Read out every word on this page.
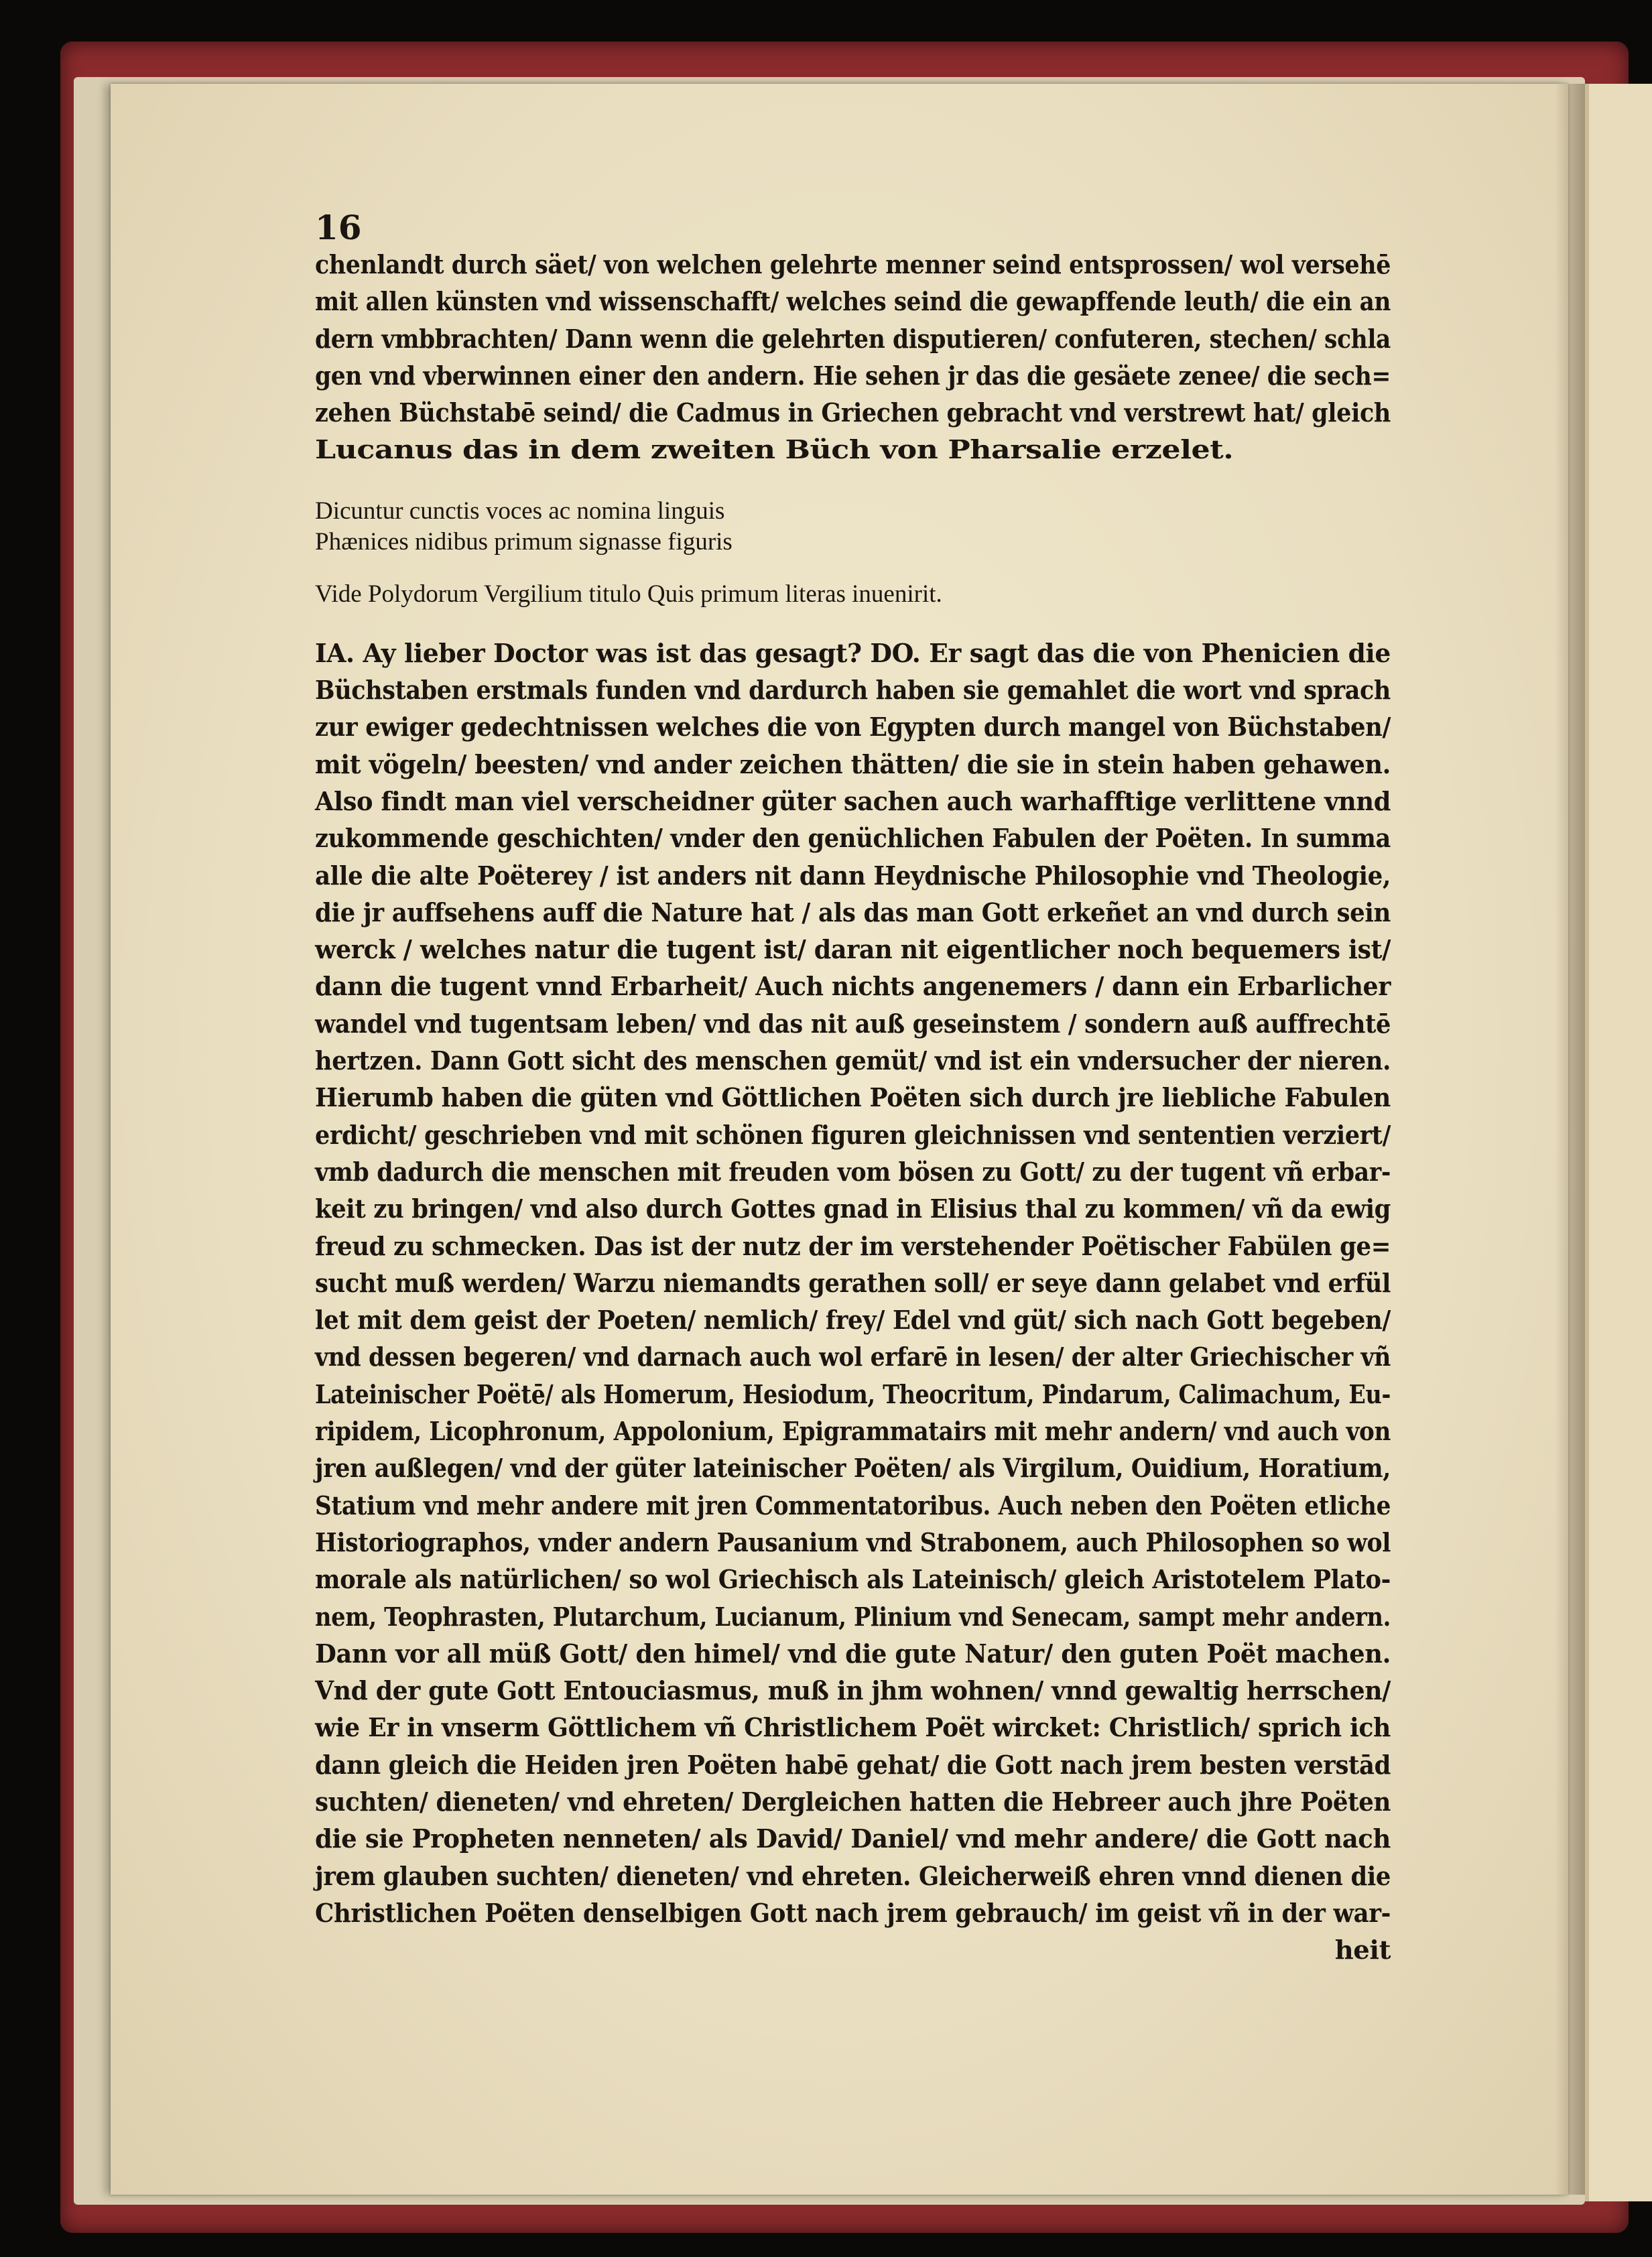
16
chenlandt durch säet/ von welchen gelehrte menner seind entsprossen/ wol versehē
mit allen künsten vnd wissenschafft/ welches seind die gewapffende leuth/ die ein an
dern vmbbrachten/ Dann wenn die gelehrten disputieren/ confuteren, stechen/ schla
gen vnd vberwinnen einer den andern. Hie sehen jr das die gesäete zenee/ die sech=
zehen Büchstabē seind/ die Cadmus in Griechen gebracht vnd verstrewt hat/ gleich
Lucanus das in dem zweiten Büch von Pharsalie erzelet.
Dicuntur cunctis voces ac nomina linguis
Phænices nidibus primum signasse figuris
Vide Polydorum Vergilium titulo Quis primum literas inuenirit.
IA. Ay lieber Doctor was ist das gesagt? DO. Er sagt das die von Phenicien die
Büchstaben erstmals funden vnd dardurch haben sie gemahlet die wort vnd sprach
zur ewiger gedechtnissen welches die von Egypten durch mangel von Büchstaben/
mit vögeln/ beesten/ vnd ander zeichen thätten/ die sie in stein haben gehawen.
Also findt man viel verscheidner güter sachen auch warhafftige verlittene vnnd
zukommende geschichten/ vnder den genüchlichen Fabulen der Poëten. In summa
alle die alte Poëterey / ist anders nit dann Heydnische Philosophie vnd Theologie,
die jr auffsehens auff die Nature hat / als das man Gott erkeñet an vnd durch sein
werck / welches natur die tugent ist/ daran nit eigentlicher noch bequemers ist/
dann die tugent vnnd Erbarheit/ Auch nichts angenemers / dann ein Erbarlicher
wandel vnd tugentsam leben/ vnd das nit auß geseinstem / sondern auß auffrechtē
hertzen. Dann Gott sicht des menschen gemüt/ vnd ist ein vndersucher der nieren.
Hierumb haben die güten vnd Göttlichen Poëten sich durch jre liebliche Fabulen
erdicht/ geschrieben vnd mit schönen figuren gleichnissen vnd sententien verziert/
vmb dadurch die menschen mit freuden vom bösen zu Gott/ zu der tugent vñ erbar-
keit zu bringen/ vnd also durch Gottes gnad in Elisius thal zu kommen/ vñ da ewig
freud zu schmecken. Das ist der nutz der im verstehender Poëtischer Fabülen ge=
sucht muß werden/ Warzu niemandts gerathen soll/ er seye dann gelabet vnd erfül
let mit dem geist der Poeten/ nemlich/ frey/ Edel vnd güt/ sich nach Gott begeben/
vnd dessen begeren/ vnd darnach auch wol erfarē in lesen/ der alter Griechischer vñ
Lateinischer Poëtē/ als Homerum, Hesiodum, Theocritum, Pindarum, Calimachum, Eu-
ripidem, Licophronum, Appolonium, Epigrammatairs mit mehr andern/ vnd auch von
jren außlegen/ vnd der güter lateinischer Poëten/ als Virgilum, Ouidium, Horatium,
Statium vnd mehr andere mit jren Commentatoribus. Auch neben den Poëten etliche
Historiographos, vnder andern Pausanium vnd Strabonem, auch Philosophen so wol
morale als natürlichen/ so wol Griechisch als Lateinisch/ gleich Aristotelem Plato-
nem, Teophrasten, Plutarchum, Lucianum, Plinium vnd Senecam, sampt mehr andern.
Dann vor all müß Gott/ den himel/ vnd die gute Natur/ den guten Poët machen.
Vnd der gute Gott Entouciasmus, muß in jhm wohnen/ vnnd gewaltig herrschen/
wie Er in vnserm Göttlichem vñ Christlichem Poët wircket: Christlich/ sprich ich
dann gleich die Heiden jren Poëten habē gehat/ die Gott nach jrem besten verstād
suchten/ dieneten/ vnd ehreten/ Dergleichen hatten die Hebreer auch jhre Poëten
die sie Propheten nenneten/ als David/ Daniel/ vnd mehr andere/ die Gott nach
jrem glauben suchten/ dieneten/ vnd ehreten. Gleicherweiß ehren vnnd dienen die
Christlichen Poëten denselbigen Gott nach jrem gebrauch/ im geist vñ in der war-
heit
